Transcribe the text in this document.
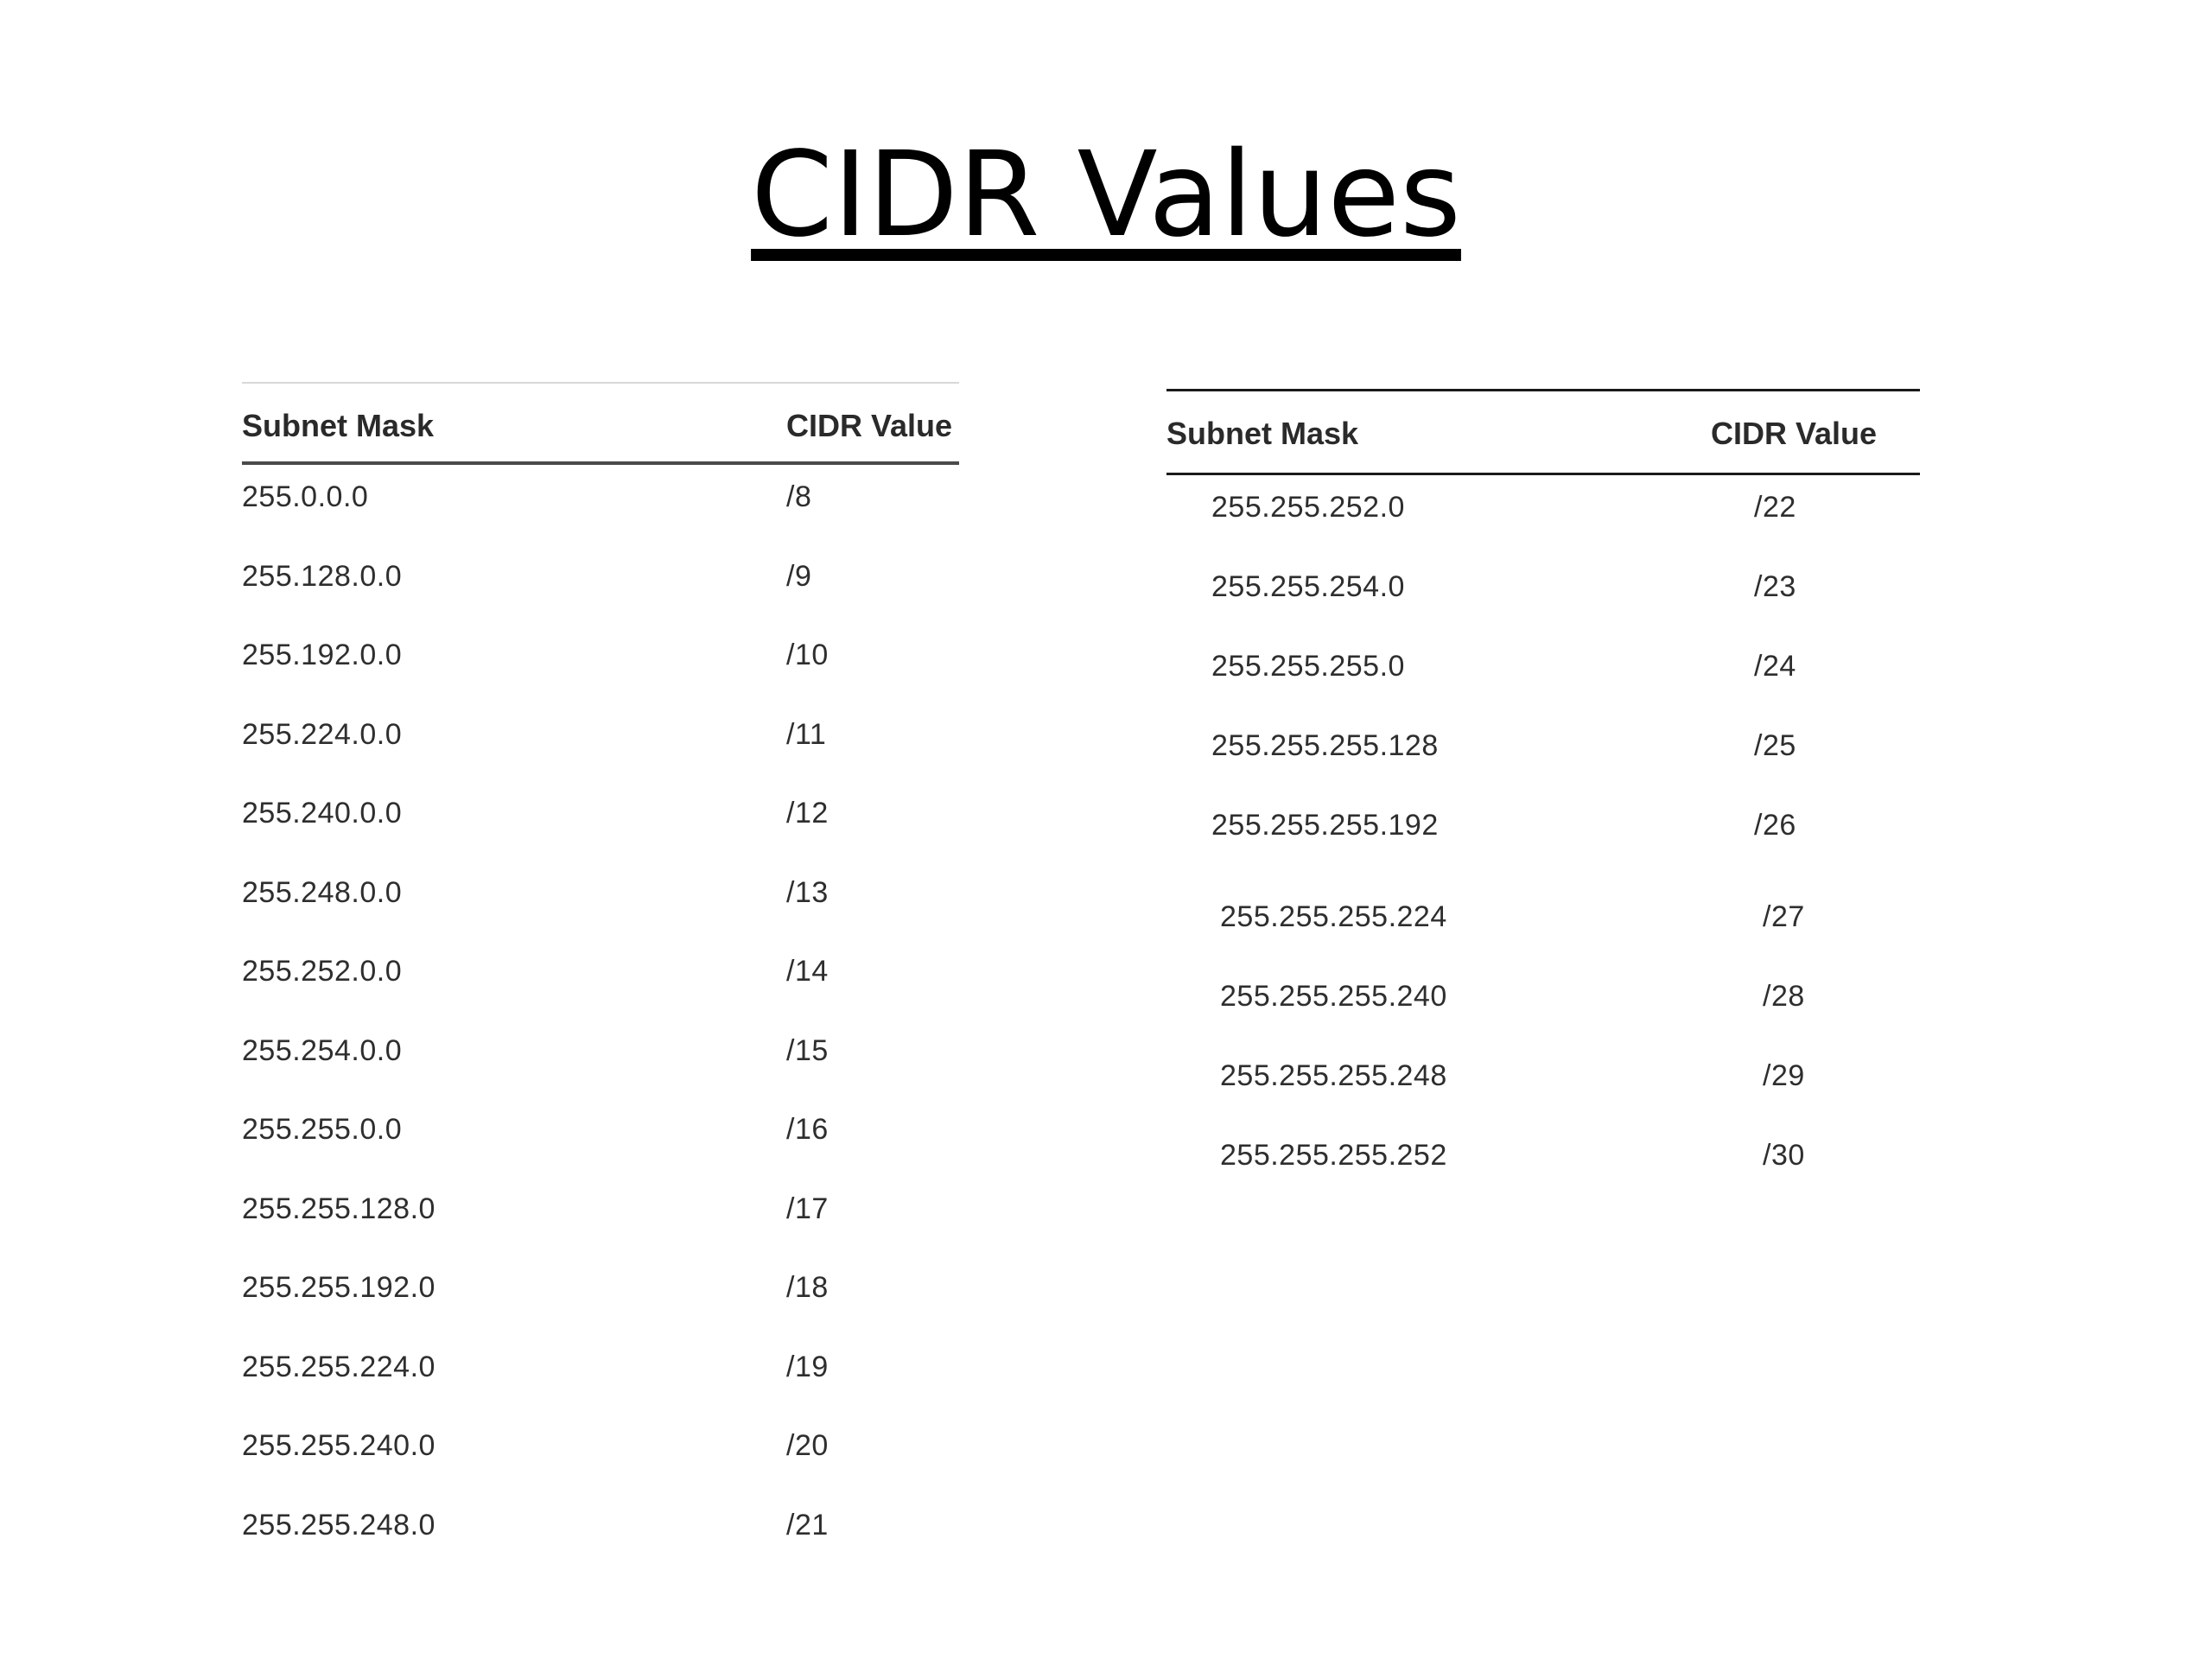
CIDR Values
Subnet Mask	CIDR Value
255.0.0.0	/8
255.128.0.0	/9
255.192.0.0	/10
255.224.0.0	/11
255.240.0.0	/12
255.248.0.0	/13
255.252.0.0	/14
255.254.0.0	/15
255.255.0.0	/16
255.255.128.0	/17
255.255.192.0	/18
255.255.224.0	/19
255.255.240.0	/20
255.255.248.0	/21
Subnet Mask	CIDR Value
255.255.252.0	/22
255.255.254.0	/23
255.255.255.0	/24
255.255.255.128	/25
255.255.255.192	/26
255.255.255.224	/27
255.255.255.240	/28
255.255.255.248	/29
255.255.255.252	/30
